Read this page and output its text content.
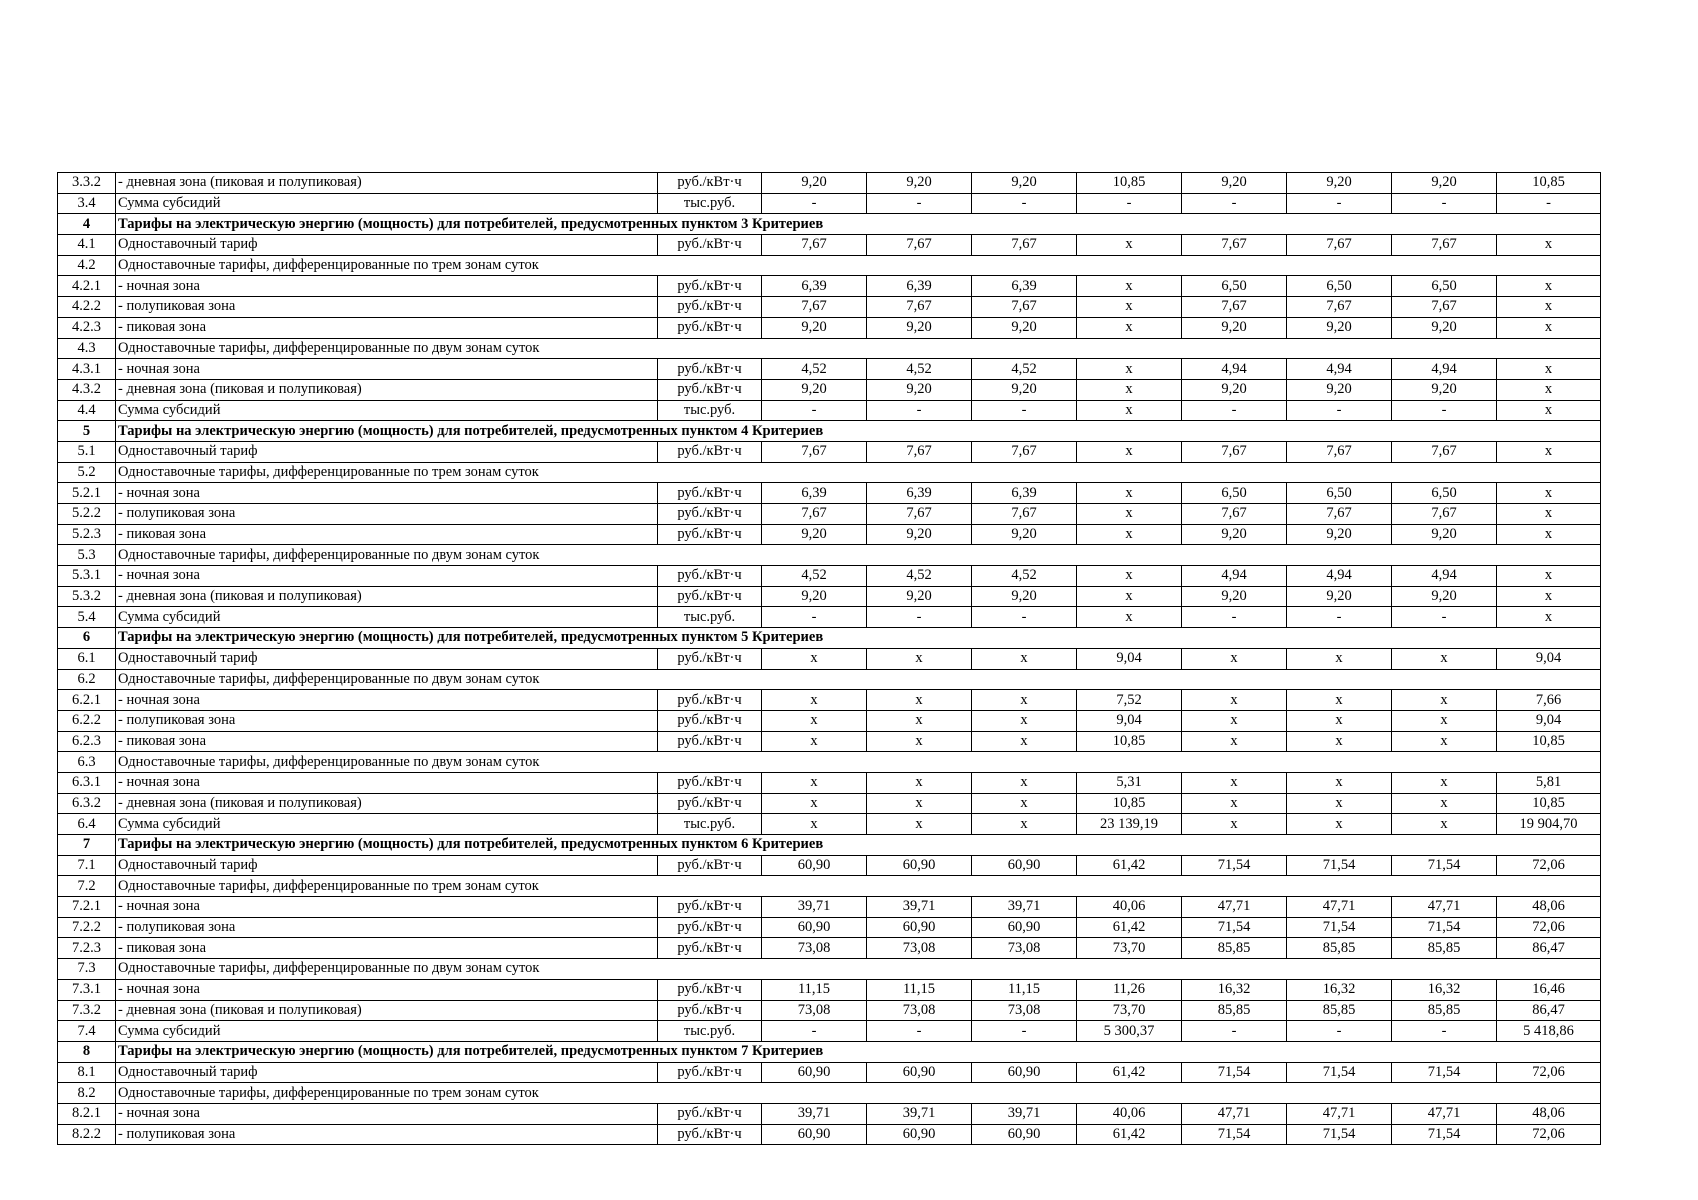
3.3.2	- дневная зона (пиковая и полупиковая)	руб./кВт·ч	9,20	9,20	9,20	10,85	9,20	9,20	9,20	10,85
3.4	Сумма субсидий	тыс.руб.	-	-	-	-	-	-	-	-
4	Тарифы на электрическую энергию (мощность) для потребителей, предусмотренных пунктом 3 Критериев									
4.1	Одноставочный тариф	руб./кВт·ч	7,67	7,67	7,67	х	7,67	7,67	7,67	х
4.2	Одноставочные тарифы, дифференцированные по трем зонам суток									
4.2.1	- ночная зона	руб./кВт·ч	6,39	6,39	6,39	х	6,50	6,50	6,50	х
4.2.2	- полупиковая зона	руб./кВт·ч	7,67	7,67	7,67	х	7,67	7,67	7,67	х
4.2.3	- пиковая зона	руб./кВт·ч	9,20	9,20	9,20	х	9,20	9,20	9,20	х
4.3	Одноставочные тарифы, дифференцированные по двум зонам суток									
4.3.1	- ночная зона	руб./кВт·ч	4,52	4,52	4,52	х	4,94	4,94	4,94	х
4.3.2	- дневная зона (пиковая и полупиковая)	руб./кВт·ч	9,20	9,20	9,20	х	9,20	9,20	9,20	х
4.4	Сумма субсидий	тыс.руб.	-	-	-	х	-	-	-	х
5	Тарифы на электрическую энергию (мощность) для потребителей, предусмотренных пунктом 4 Критериев									
5.1	Одноставочный тариф	руб./кВт·ч	7,67	7,67	7,67	х	7,67	7,67	7,67	х
5.2	Одноставочные тарифы, дифференцированные по трем зонам суток									
5.2.1	- ночная зона	руб./кВт·ч	6,39	6,39	6,39	х	6,50	6,50	6,50	х
5.2.2	- полупиковая зона	руб./кВт·ч	7,67	7,67	7,67	х	7,67	7,67	7,67	х
5.2.3	- пиковая зона	руб./кВт·ч	9,20	9,20	9,20	х	9,20	9,20	9,20	х
5.3	Одноставочные тарифы, дифференцированные по двум зонам суток									
5.3.1	- ночная зона	руб./кВт·ч	4,52	4,52	4,52	х	4,94	4,94	4,94	х
5.3.2	- дневная зона (пиковая и полупиковая)	руб./кВт·ч	9,20	9,20	9,20	х	9,20	9,20	9,20	х
5.4	Сумма субсидий	тыс.руб.	-	-	-	х	-	-	-	х
6	Тарифы на электрическую энергию (мощность) для потребителей, предусмотренных пунктом 5 Критериев									
6.1	Одноставочный тариф	руб./кВт·ч	х	х	х	9,04	х	х	х	9,04
6.2	Одноставочные тарифы, дифференцированные по двум зонам суток									
6.2.1	- ночная зона	руб./кВт·ч	х	х	х	7,52	х	х	х	7,66
6.2.2	- полупиковая зона	руб./кВт·ч	х	х	х	9,04	х	х	х	9,04
6.2.3	- пиковая зона	руб./кВт·ч	х	х	х	10,85	х	х	х	10,85
6.3	Одноставочные тарифы, дифференцированные по двум зонам суток									
6.3.1	- ночная зона	руб./кВт·ч	х	х	х	5,31	х	х	х	5,81
6.3.2	- дневная зона (пиковая и полупиковая)	руб./кВт·ч	х	х	х	10,85	х	х	х	10,85
6.4	Сумма субсидий	тыс.руб.	х	х	х	23 139,19	х	х	х	19 904,70
7	Тарифы на электрическую энергию (мощность) для потребителей, предусмотренных пунктом 6 Критериев									
7.1	Одноставочный тариф	руб./кВт·ч	60,90	60,90	60,90	61,42	71,54	71,54	71,54	72,06
7.2	Одноставочные тарифы, дифференцированные по трем зонам суток									
7.2.1	- ночная зона	руб./кВт·ч	39,71	39,71	39,71	40,06	47,71	47,71	47,71	48,06
7.2.2	- полупиковая зона	руб./кВт·ч	60,90	60,90	60,90	61,42	71,54	71,54	71,54	72,06
7.2.3	- пиковая зона	руб./кВт·ч	73,08	73,08	73,08	73,70	85,85	85,85	85,85	86,47
7.3	Одноставочные тарифы, дифференцированные по двум зонам суток									
7.3.1	- ночная зона	руб./кВт·ч	11,15	11,15	11,15	11,26	16,32	16,32	16,32	16,46
7.3.2	- дневная зона (пиковая и полупиковая)	руб./кВт·ч	73,08	73,08	73,08	73,70	85,85	85,85	85,85	86,47
7.4	Сумма субсидий	тыс.руб.	-	-	-	5 300,37	-	-	-	5 418,86
8	Тарифы на электрическую энергию (мощность) для потребителей, предусмотренных пунктом 7 Критериев									
8.1	Одноставочный тариф	руб./кВт·ч	60,90	60,90	60,90	61,42	71,54	71,54	71,54	72,06
8.2	Одноставочные тарифы, дифференцированные по трем зонам суток									
8.2.1	- ночная зона	руб./кВт·ч	39,71	39,71	39,71	40,06	47,71	47,71	47,71	48,06
8.2.2	- полупиковая зона	руб./кВт·ч	60,90	60,90	60,90	61,42	71,54	71,54	71,54	72,06
